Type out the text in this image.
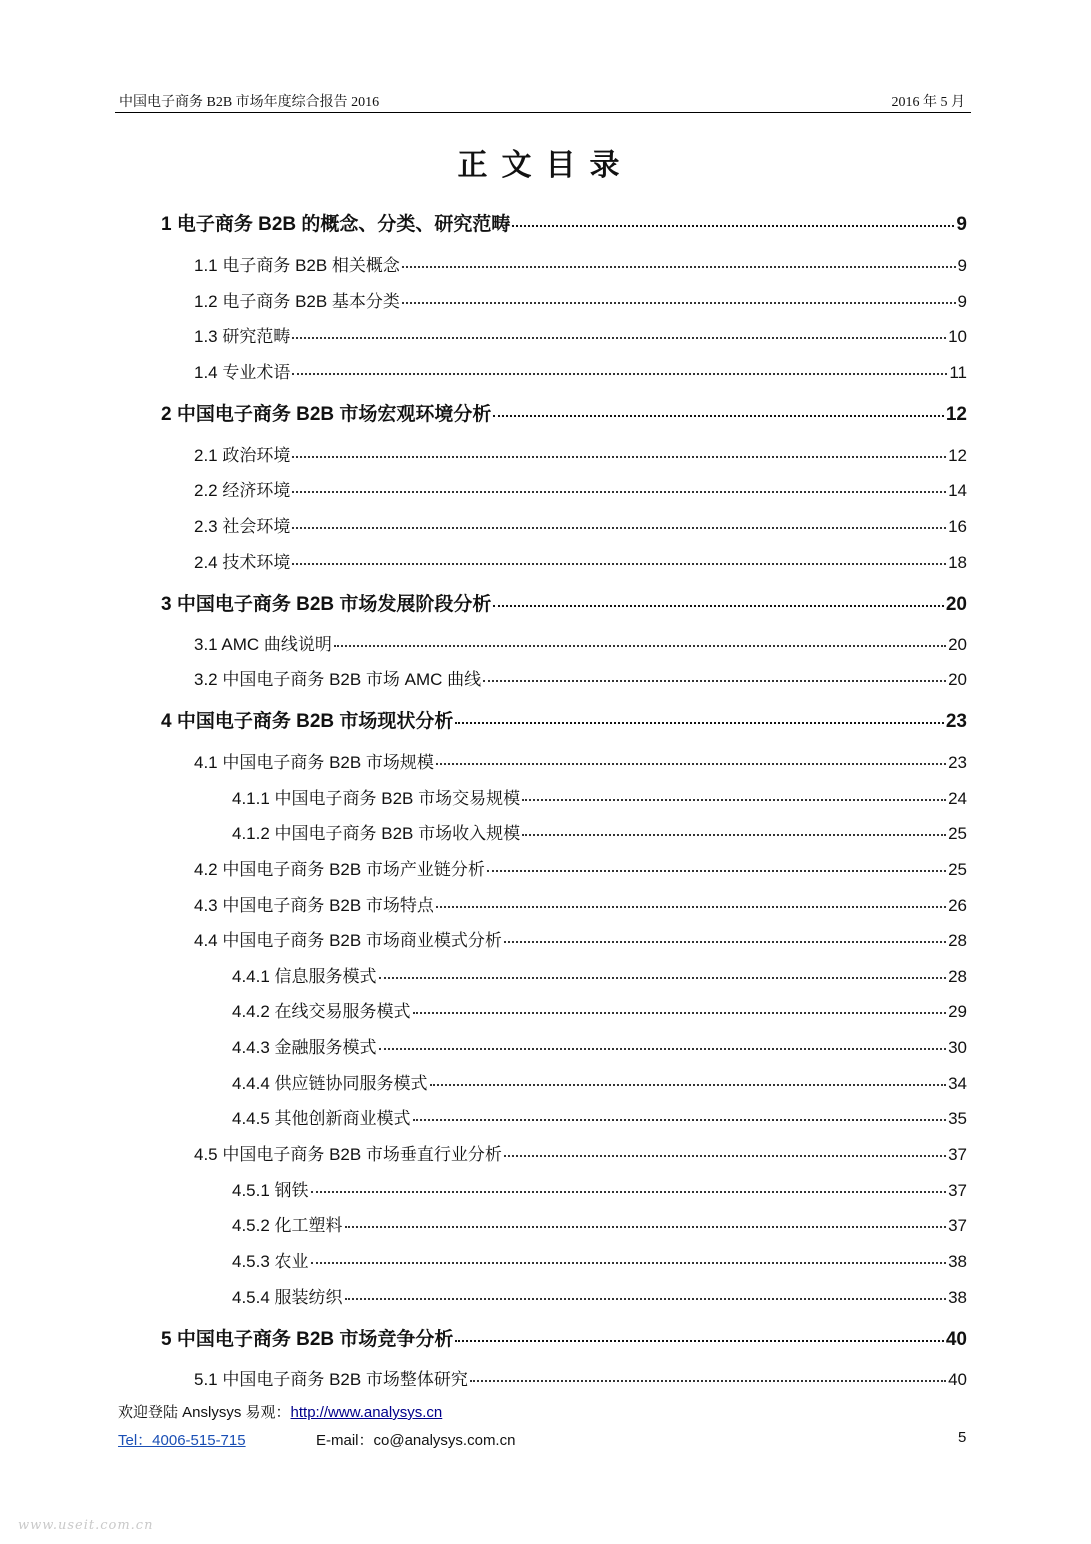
中国电子商务 B2B 市场年度综合报告 2016	2016 年 5 月
正文目录
1 电子商务 B2B 的概念、分类、研究范畴	9
1.1 电子商务 B2B 相关概念	9
1.2 电子商务 B2B 基本分类	9
1.3 研究范畴	10
1.4 专业术语	11
2 中国电子商务 B2B 市场宏观环境分析	12
2.1 政治环境	12
2.2 经济环境	14
2.3 社会环境	16
2.4 技术环境	18
3 中国电子商务 B2B 市场发展阶段分析	20
3.1 AMC 曲线说明	20
3.2 中国电子商务 B2B 市场 AMC 曲线	20
4 中国电子商务 B2B 市场现状分析	23
4.1 中国电子商务 B2B 市场规模	23
4.1.1 中国电子商务 B2B 市场交易规模	24
4.1.2 中国电子商务 B2B 市场收入规模	25
4.2 中国电子商务 B2B 市场产业链分析	25
4.3 中国电子商务 B2B 市场特点	26
4.4 中国电子商务 B2B 市场商业模式分析	28
4.4.1 信息服务模式	28
4.4.2 在线交易服务模式	29
4.4.3 金融服务模式	30
4.4.4 供应链协同服务模式	34
4.4.5 其他创新商业模式	35
4.5 中国电子商务 B2B 市场垂直行业分析	37
4.5.1 钢铁	37
4.5.2 化工塑料	37
4.5.3 农业	38
4.5.4 服装纺织	38
5 中国电子商务 B2B 市场竞争分析	40
5.1 中国电子商务 B2B 市场整体研究	40
欢迎登陆 Anslysys 易观：http://www.analysys.cn
Tel：4006-515-715	E-mail：co@analysys.com.cn	5
www.useit.com.cn
